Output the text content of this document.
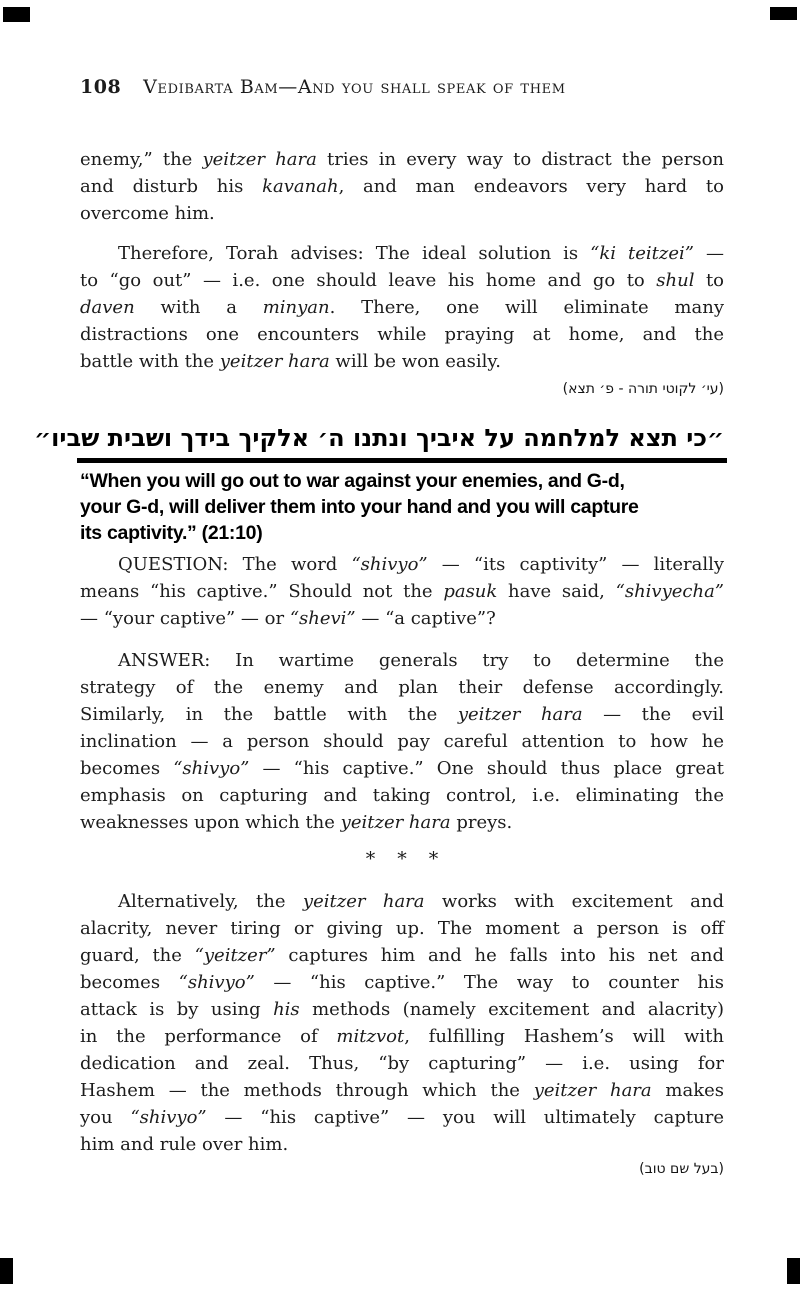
108 Vedibarta Bam—And you shall speak of them
enemy,” the yeitzer hara tries in every way to distract the person
and disturb his kavanah, and man endeavors very hard to
overcome him.
Therefore, Torah advises: The ideal solution is “ki teitzei” —
to “go out” — i.e. one should leave his home and go to shul to
daven with a minyan. There, one will eliminate many
distractions one encounters while praying at home, and the
battle with the yeitzer hara will be won easily.
(עי׳ לקוטי תורה - פ׳ תצא)
״כי תצא למלחמה על איביך ונתנו ה׳ אלקיך בידך ושבית שביו״
“When you will go out to war against your enemies, and G-d,
your G-d, will deliver them into your hand and you will capture
its captivity.” (21:10)
QUESTION: The word “shivyo” — “its captivity” — literally
means “his captive.” Should not the pasuk have said, “shivyecha”
— “your captive” — or “shevi” — “a captive”?
ANSWER: In wartime generals try to determine the
strategy of the enemy and plan their defense accordingly.
Similarly, in the battle with the yeitzer hara — the evil
inclination — a person should pay careful attention to how he
becomes “shivyo” — “his captive.” One should thus place great
emphasis on capturing and taking control, i.e. eliminating the
weaknesses upon which the yeitzer hara preys.
* * *
Alternatively, the yeitzer hara works with excitement and
alacrity, never tiring or giving up. The moment a person is off
guard, the “yeitzer” captures him and he falls into his net and
becomes “shivyo” — “his captive.” The way to counter his
attack is by using his methods (namely excitement and alacrity)
in the performance of mitzvot, fulfilling Hashem’s will with
dedication and zeal. Thus, “by capturing” — i.e. using for
Hashem — the methods through which the yeitzer hara makes
you “shivyo” — “his captive” — you will ultimately capture
him and rule over him.
(בעל שם טוב)
